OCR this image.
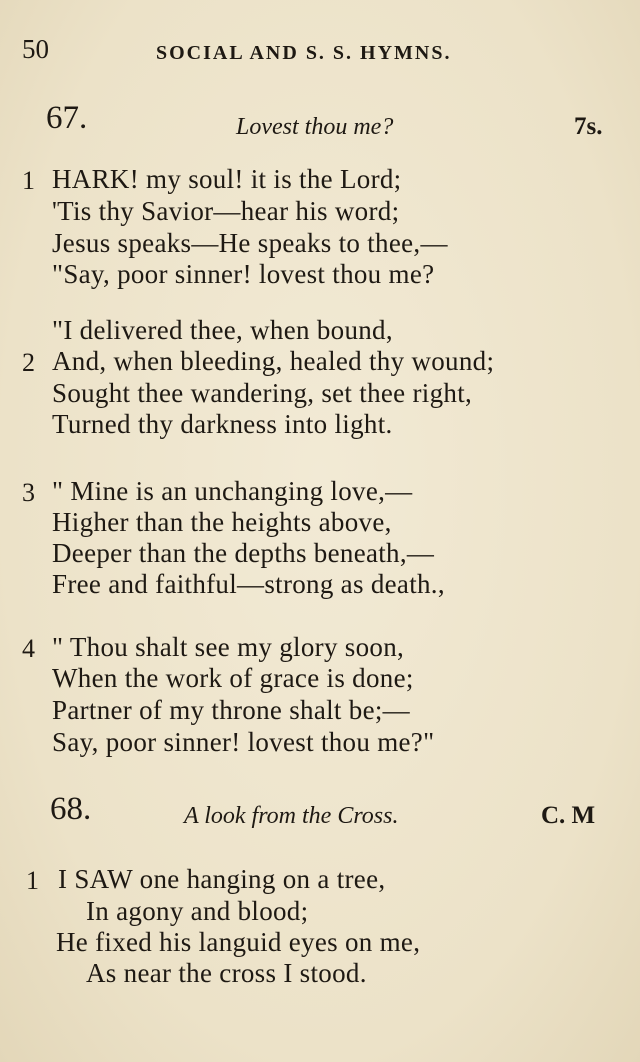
50	SOCIAL AND S. S. HYMNS.
67.	Lovest thou me?	7s.
1 HARK! my soul! it is the Lord;
'Tis thy Savior—hear his word;
Jesus speaks—He speaks to thee,—
"Say, poor sinner! lovest thou me?
2
"I delivered thee, when bound,
And, when bleeding, healed thy wound;
Sought thee wandering, set thee right,
Turned thy darkness into light.
3 " Mine is an unchanging love,—
Higher than the heights above,
Deeper than the depths beneath,—
Free and faithful—strong as death.,
4 " Thou shalt see my glory soon,
When the work of grace is done;
Partner of my throne shalt be;—
Say, poor sinner! lovest thou me?"
68.	A look from the Cross.	C. M
1 I SAW one hanging on a tree,
In agony and blood;
He fixed his languid eyes on me,
As near the cross I stood.
